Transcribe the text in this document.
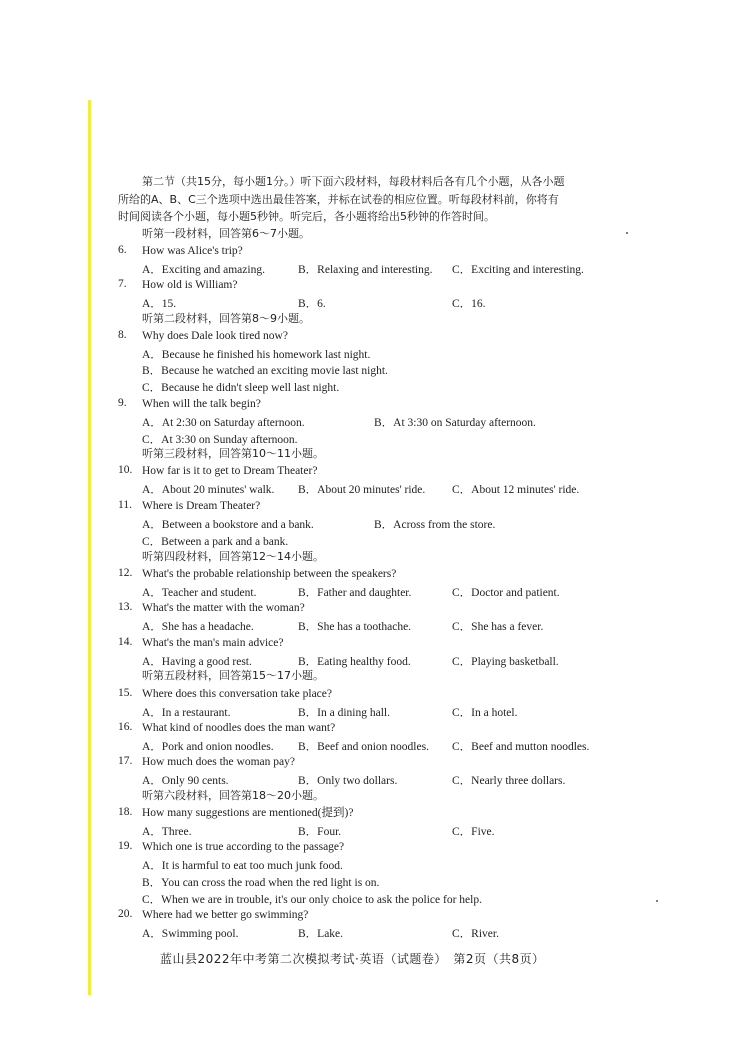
第二节（共15分，每小题1分。）听下面六段材料，每段材料后各有几个小题，从各小题
所给的A、B、C三个选项中选出最佳答案，并标在试卷的相应位置。听每段材料前，你将有
时间阅读各个小题，每小题5秒钟。听完后，各小题将给出5秒钟的作答时间。
听第一段材料，回答第6～7小题。
6. How was Alice's trip?
A．Exciting and amazing.	B．Relaxing and interesting. C．Exciting and interesting.
7. How old is William?
A．15.	B．6.	C．16.
听第二段材料，回答第8～9小题。
8. Why does Dale look tired now?
A．Because he finished his homework last night.
B．Because he watched an exciting movie last night.
C．Because he didn't sleep well last night.
9. When will the talk begin?
A．At 2:30 on Saturday afternoon.	B．At 3:30 on Saturday afternoon.
C．At 3:30 on Sunday afternoon.
听第三段材料，回答第10～11小题。
10. How far is it to get to Dream Theater?
A．About 20 minutes' walk. B．About 20 minutes' ride. C．About 12 minutes' ride.
11. Where is Dream Theater?
A．Between a bookstore and a bank.	B．Across from the store.
C．Between a park and a bank.
听第四段材料，回答第12～14小题。
12. What's the probable relationship between the speakers?
A．Teacher and student.	B．Father and daughter.	C．Doctor and patient.
13. What's the matter with the woman?
A．She has a headache.	B．She has a toothache.	C．She has a fever.
14. What's the man's main advice?
A．Having a good rest.	B．Eating healthy food.	C．Playing basketball.
听第五段材料，回答第15～17小题。
15. Where does this conversation take place?
A．In a restaurant.	B．In a dining hall.	C．In a hotel.
16. What kind of noodles does the man want?
A．Pork and onion noodles. B．Beef and onion noodles. C．Beef and mutton noodles.
17. How much does the woman pay?
A．Only 90 cents.	B．Only two dollars.	C．Nearly three dollars.
听第六段材料，回答第18～20小题。
18. How many suggestions are mentioned(提到)?
A．Three.	B．Four.	C．Five.
19. Which one is true according to the passage?
A．It is harmful to eat too much junk food.
B．You can cross the road when the red light is on.
C．When we are in trouble, it's our only choice to ask the police for help.
20. Where had we better go swimming?
A．Swimming pool.	B．Lake.	C．River.
蓝山县2022年中考第二次模拟考试·英语（试题卷）　第2页（共8页）
